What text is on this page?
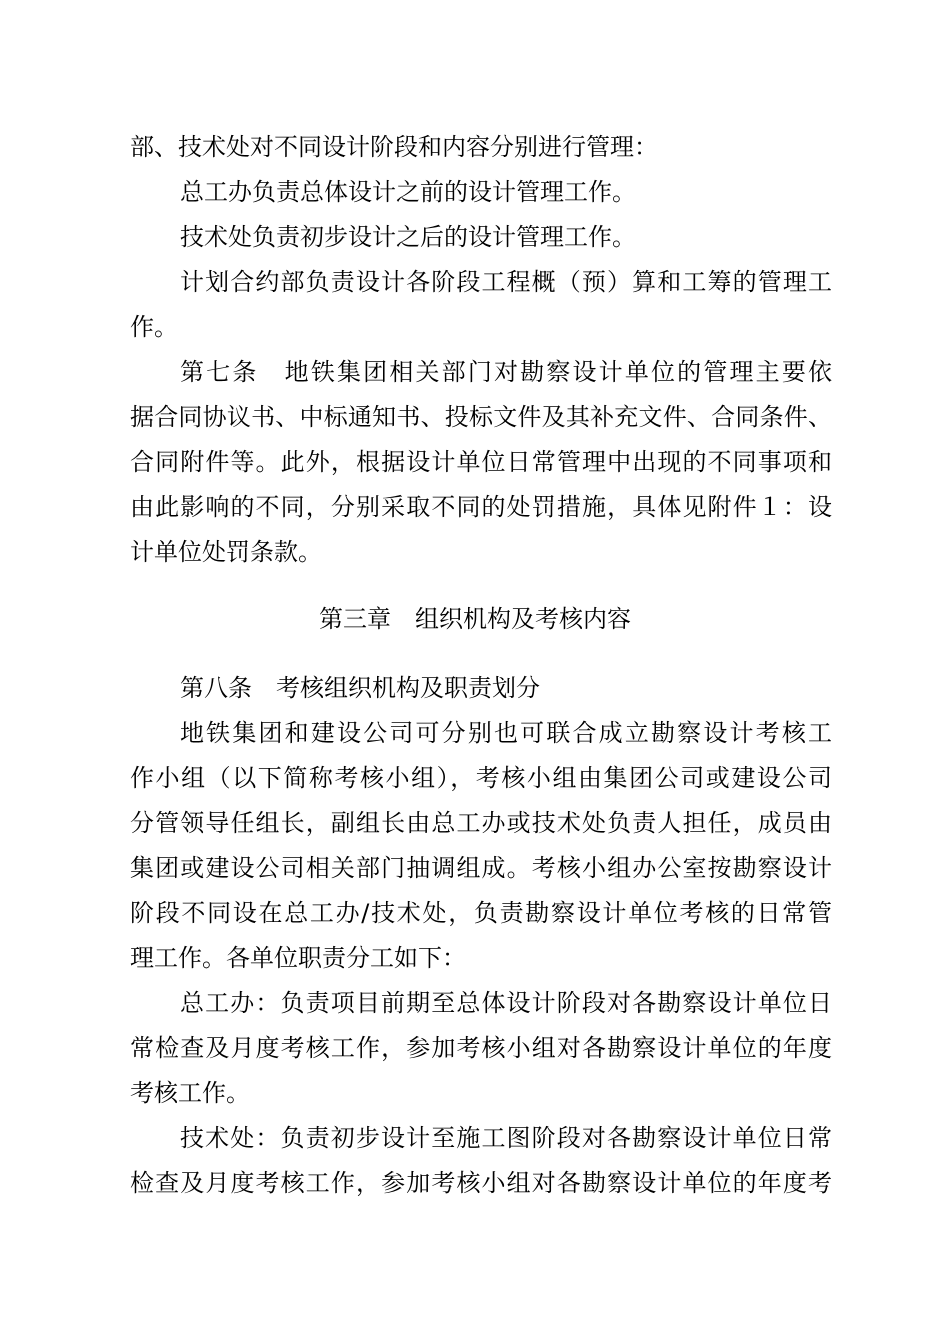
部、技术处对不同设计阶段和内容分别进行管理：
总工办负责总体设计之前的设计管理工作。
技术处负责初步设计之后的设计管理工作。
计划合约部负责设计各阶段工程概（预）算和工筹的管理工
作。
第七条　地铁集团相关部门对勘察设计单位的管理主要依
据合同协议书、中标通知书、投标文件及其补充文件、合同条件、
合同附件等。此外，根据设计单位日常管理中出现的不同事项和
由此影响的不同，分别采取不同的处罚措施，具体见附件１：设
计单位处罚条款。
第三章　组织机构及考核内容
第八条　考核组织机构及职责划分
地铁集团和建设公司可分别也可联合成立勘察设计考核工
作小组（以下简称考核小组），考核小组由集团公司或建设公司
分管领导任组长，副组长由总工办或技术处负责人担任，成员由
集团或建设公司相关部门抽调组成。考核小组办公室按勘察设计
阶段不同设在总工办/技术处，负责勘察设计单位考核的日常管
理工作。各单位职责分工如下：
总工办：负责项目前期至总体设计阶段对各勘察设计单位日
常检查及月度考核工作，参加考核小组对各勘察设计单位的年度
考核工作。
技术处：负责初步设计至施工图阶段对各勘察设计单位日常
检查及月度考核工作，参加考核小组对各勘察设计单位的年度考
